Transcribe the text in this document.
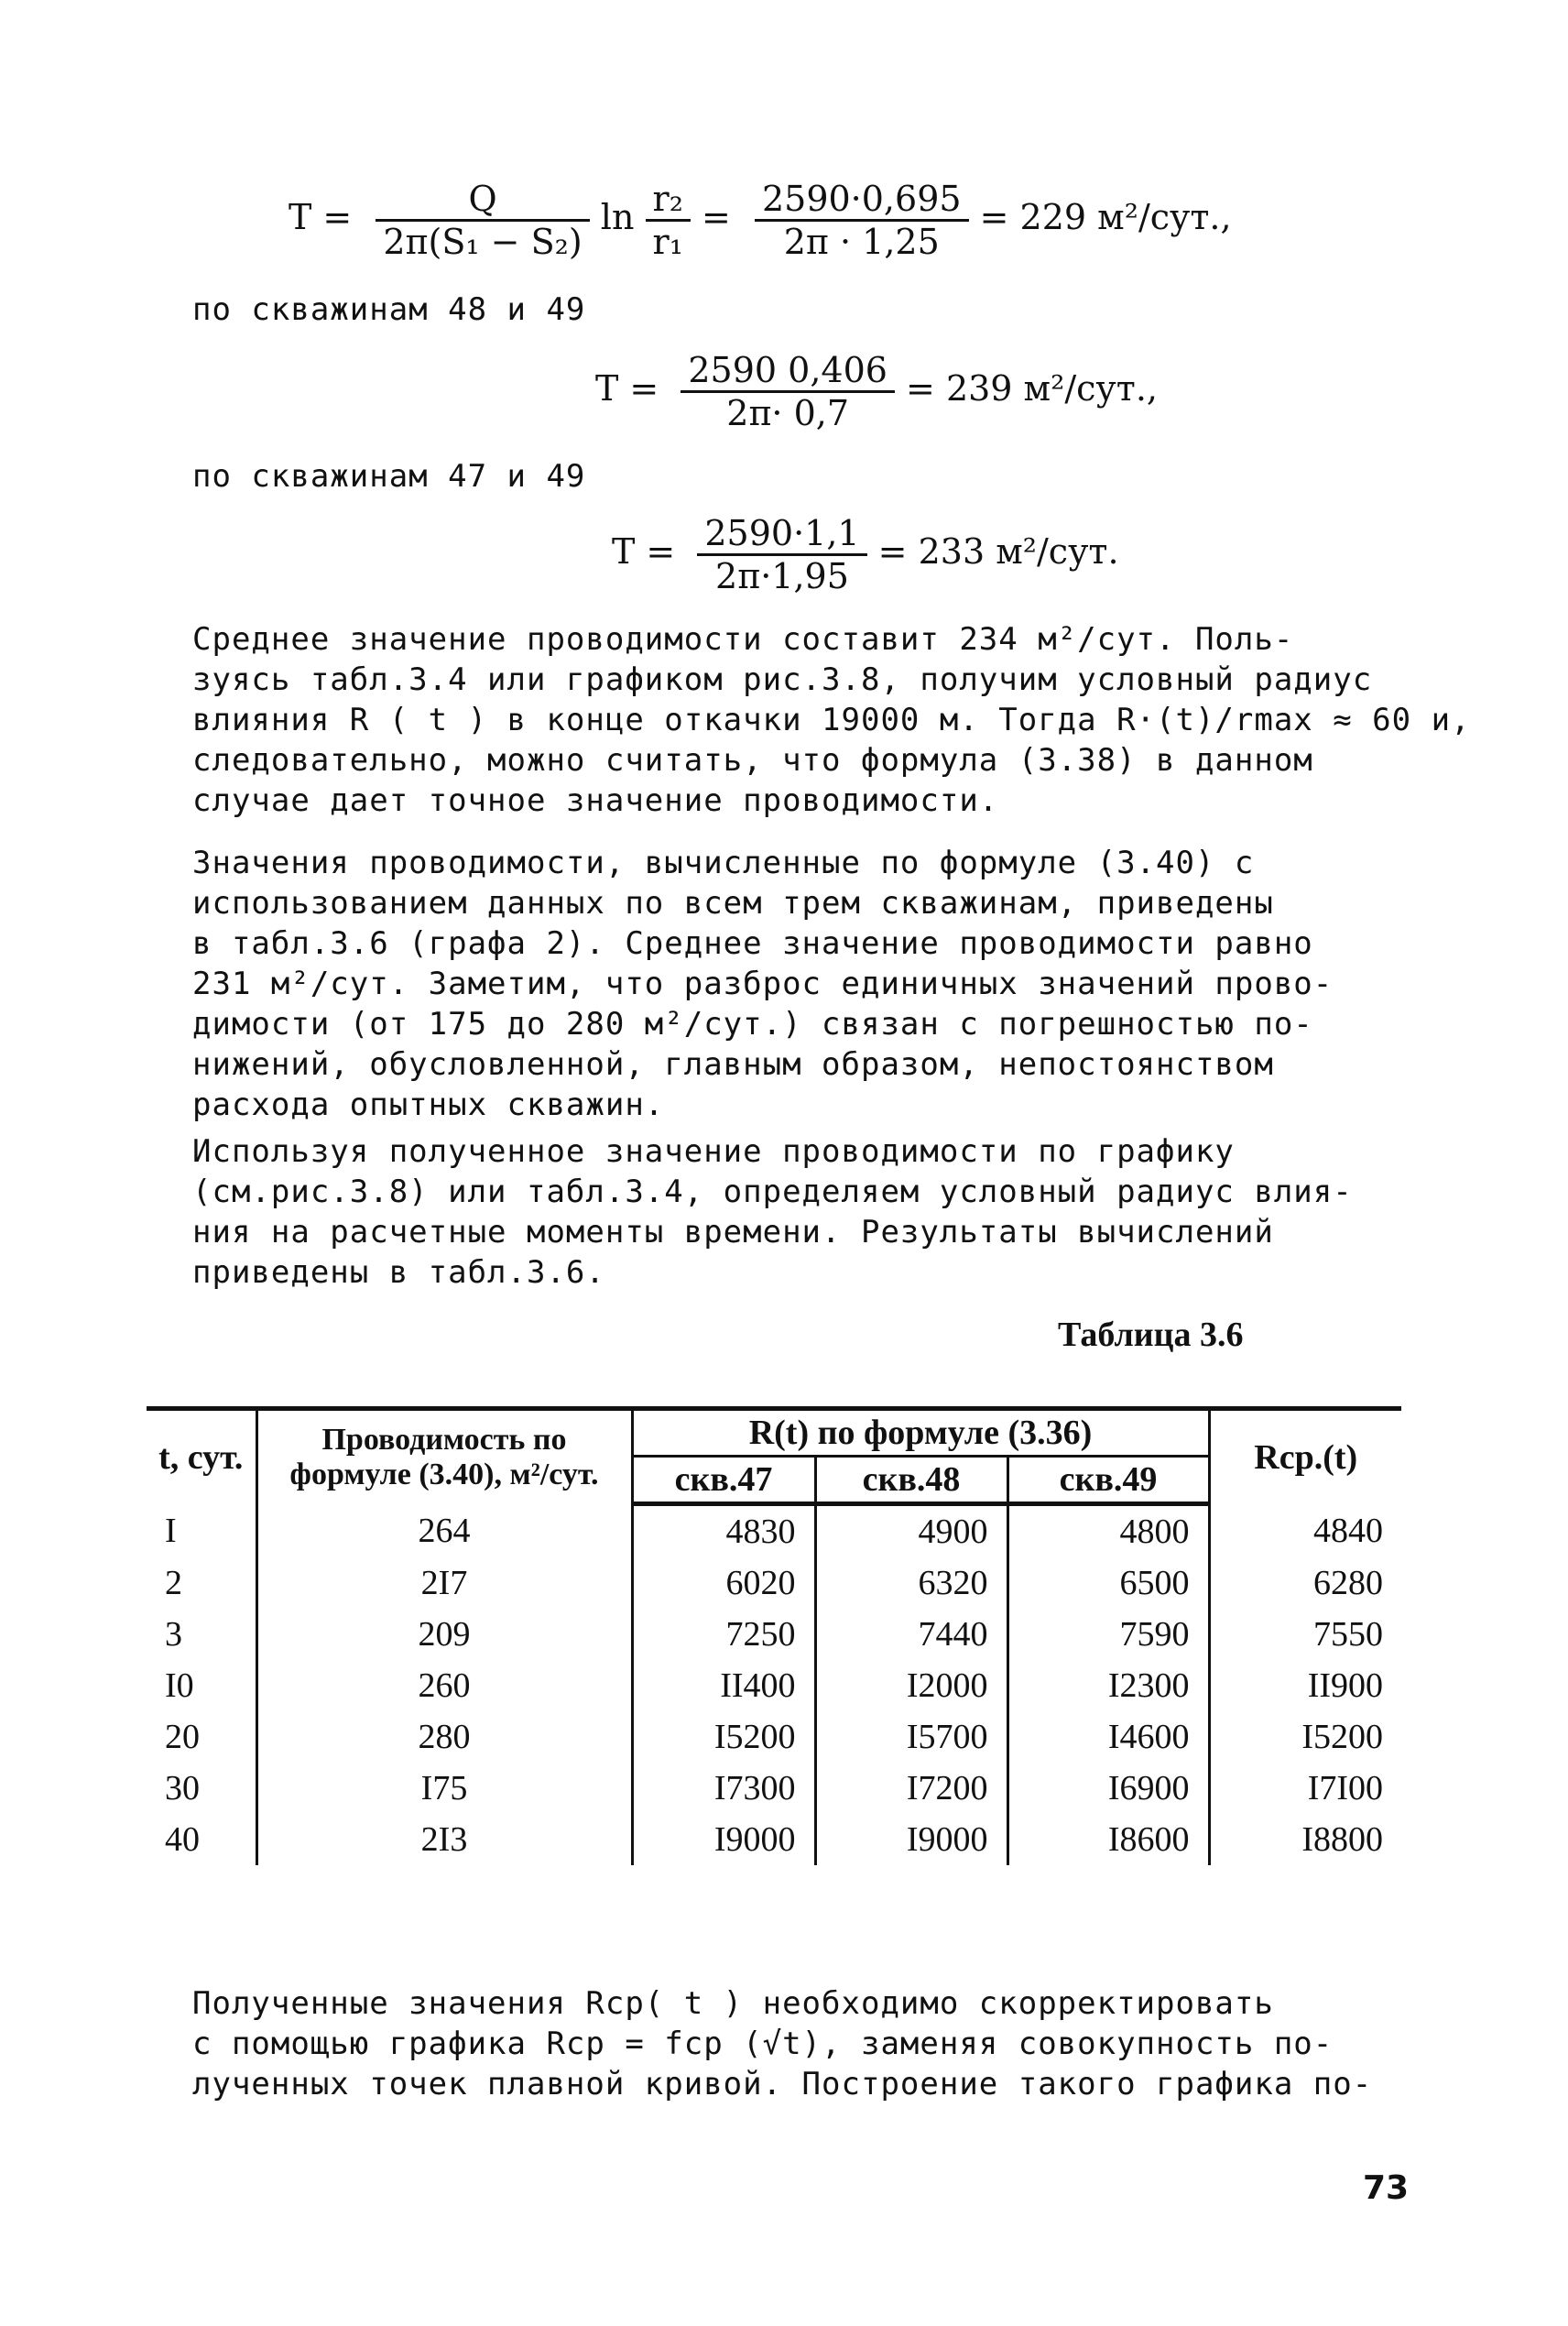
$T = \frac{Q}{\text{2π(S₁ − S₂)}}$ $\ln \frac{\text{r₂}}{\text{r₁}} = \frac{2590\cdot 0,695}{2\pi \cdot 1,25} = 229$ м²/сут.,
по скважинам 48 и 49
$T = \frac{2590 0,406}{2\pi\cdot 0,7} = 239$ м²/сут.,
по скважинам 47 и 49
$T = \frac{2590\cdot 1,1}{2\pi\cdot 1,95} = 233$ м²/сут.
Среднее значение проводимости составит 234 м²/сут. Поль-
зуясь табл.3.4 или графиком рис.3.8, получим условный радиус
влияния R ( t ) в конце откачки 19000 м. Тогда R·(t)/rmax ≈ 60 и,
следовательно, можно считать, что формула (3.38) в данном
случае дает точное значение проводимости.
Значения проводимости, вычисленные по формуле (3.40) с
использованием данных по всем трем скважинам, приведены
в табл.3.6 (графа 2). Среднее значение проводимости равно
231 м²/сут. Заметим, что разброс единичных значений прово-
димости (от 175 до 280 м²/сут.) связан с погрешностью по-
нижений, обусловленной, главным образом, непостоянством
расхода опытных скважин.
Используя полученное значение проводимости по графику
(см.рис.3.8) или табл.3.4, определяем условный радиус влия-
ния на расчетные моменты времени. Результаты вычислений
приведены в табл.3.6.
Таблица 3.6
t, сут.	Проводимость по формуле (3.40), м²/сут.	R(t) по формуле (3.36)			Rср.(t)
		скв.47	скв.48	скв.49	
I	264	4830	4900	4800	4840
2	2I7	6020	6320	6500	6280
3	209	7250	7440	7590	7550
I0	260	II400	I2000	I2300	II900
20	280	I5200	I5700	I4600	I5200
30	I75	I7300	I7200	I6900	I7I00
40	2I3	I9000	I9000	I8600	I8800
Полученные значения Rср( t ) необходимо скорректировать
с помощью графика Rср = fср (√t), заменяя совокупность по-
лученных точек плавной кривой. Построение такого графика по-
73
